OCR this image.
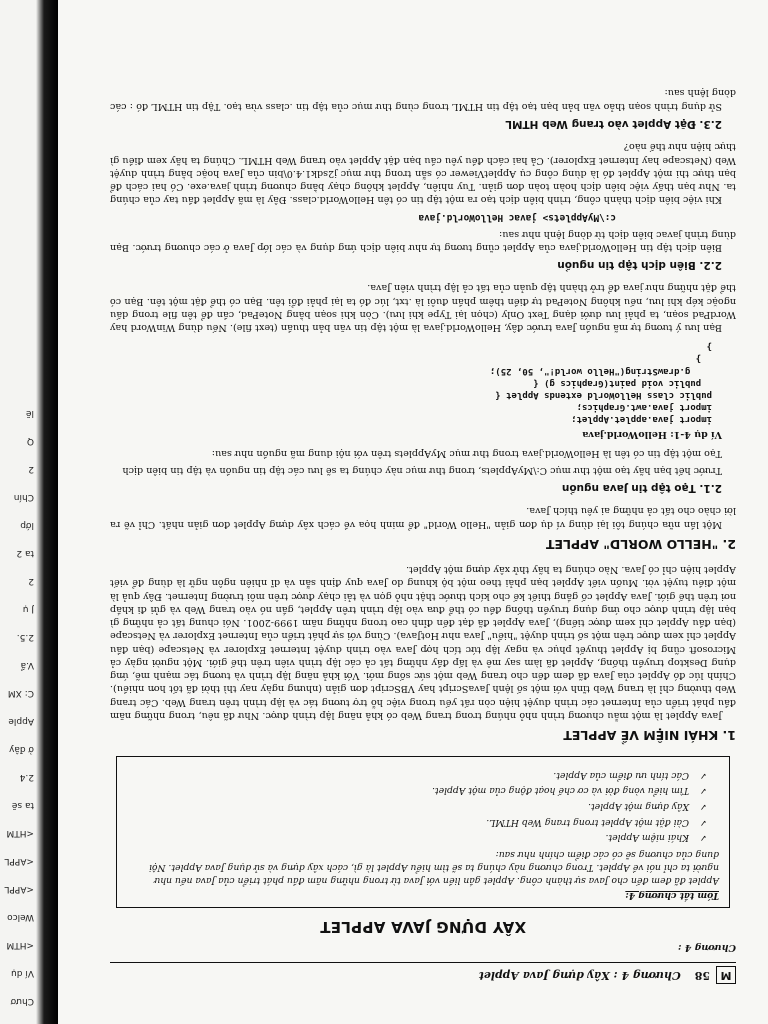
Chươ
Ví dụ
<HTM
Welco
<APPL
<APPL
<HTM
ta sẽ
2.4
ở đây
Apple
C: XM
V.ẩ
2.5.
J ụ
2
ta 2
lớp
Chín
2
Q
lẽ
M
58
Chương 4 : Xây dựng Java Applet
Chương 4 :
XÂY DỰNG JAVA APPLET
Tóm tắt chương 4:
Applet đã đem đến cho Java sự thành công. Applet gắn liền với Java từ trong những năm đầu phát triển của Java nếu như người ta chỉ nói về Applet. Trong chương này chúng ta sẽ tìm hiểu Applet là gì, cách xây dựng và sử dụng Java Applet. Nội dung của chương sẽ có các điểm chính như sau:
✓ Khái niệm Applet.
✓ Cài đặt một Applet trong trang Web HTML.
✓ Xây dựng một Applet.
✓ Tìm hiểu vòng đời và cơ chế hoạt động của một Applet.
✓ Các tính ưu điểm của Applet.
1. KHÁI NIỆM VỀ APPLET

Java Applet là một mẫu chương trình nhỏ nhúng trong trang Web có khả năng lập trình được. Như đã nêu, trong những năm đầu phát triển của Internet các trình duyệt hiện còn rất yếu trong việc hỗ trợ tương tác và lập trình trên trang Web. Các trang Web thường chỉ là trang Web tĩnh với một số lệnh JavaScript hay VBScript đơn giản (nhưng ngày nay thì thời đã tốt hơn nhiều). Chính lúc đó Applet của Java đã đem đến cho trang Web một sức sống mới. Với khả năng lập trình và tương tác mạnh mẽ, ứng dụng Desktop truyền thống, Applet đã làm say mê và lấp đầy những tất cả các lập trình viên trên thế giới. Một người ngày cả Microsoft cũng bị Applet thuyết phục và ngay lập tức tích hợp Java vào trình duyệt Internet Explorer và Netscape (bạn đầu Applet chỉ xem được trên một số trình duyệt "hiểu" Java như HotJava). Cùng với sự phát triển của Internet Explorer và Netscape (bạn đầu Applet chỉ xem được tiếng), Java Applet đã đạt đến đỉnh cao trong những năm 1999-2001. Nói chung tất cả những gì bạn lập trình được cho ứng dụng truyền thống đều có thể đưa vào lập trình trên Applet, gắn nó vào trang Web và gửi đi khắp nơi trên thế giới. Java Applet cố gắng thiết kế cho kích thước thật nhỏ gọn và tải chạy được trên môi trường Internet. Đây quả là một điều tuyệt vời. Muốn viết Applet bạn phải theo một bộ khung do Java quy định sẵn và dĩ nhiên ngôn ngữ là dùng để viết Applet hiện chỉ có Java. Nào chúng ta hãy thử xây dựng một Applet.

2. "HELLO WORLD" APPLET

Một lần nữa chúng tôi lại dùng ví dụ đơn giản "Hello World" để minh họa về cách xây dựng Applet đơn giản nhất. Chỉ vẽ ra lời chào cho tất cả những ai yêu thích Java.

2.1. Tạo tập tin Java nguồn

Trước hết bạn hãy tạo một thư mục C:\MyApplets, trong thư mục này chúng ta sẽ lưu các tập tin nguồn và tập tin biên dịch

Tạo một tập tin có tên là HelloWorld.java trong thư mục MyApplets trên với nội dung mã nguồn như sau:

Ví dụ 4-1: HelloWorld.java
import java.applet.Applet;
import java.awt.Graphics;
public class HelloWorld extends Applet {
public void paint(Graphics g) {
g.drawString("Hello world!", 50, 25);
}
}

Bạn lưu ý tương tự mã nguồn Java trước đây, HelloWorld.java là một tập tin văn bản thuần (text file). Nếu dùng WinWord hay WordPad soạn, ta phải lưu dưới dạng Text Only (chọn lại Type khi lưu). Còn khi soạn bằng NotePad, cần để tên file trong dấu ngoặc kép khi lưu, nếu không NotePad tự điền thêm phần đuôi là .txt, lúc đó ta lại phải đổi tên. Bạn có thể đặt một tên. Bạn có thể đặt những như java để trở thành tập quản của tất cả lập trình viên Java.

2.2. Biên dịch tập tin nguồn

Biên dịch tập tin HelloWorld.java của Applet cũng tương tự như biên dịch ứng dụng và các lớp Java ở các chương trước. Bạn dùng trình javac biên dịch từ dòng lệnh như sau:

c:\MyApplets> javac HelloWorld.java

Khi việc biên dịch thành công, trình biên dịch tạo ra một tập tin có tên HelloWorld.class. Đây là mã Applet đầu tay của chúng ta. Như bạn thấy việc biên dịch hoàn toàn đơn giản. Tuy nhiên, Applet không chạy bằng chương trình java.exe. Có hai cách để bạn thực thi một Applet đó là dùng công cụ AppletViewer có sẵn trong thư mục j2sdk1.4.0\bin của Java hoặc bằng trình duyệt Web (Netscape hay Internet Explorer). Cả hai cách đều yêu cầu bạn đặt Applet vào trang Web HTML. Chúng ta hãy xem điều gì thực hiện như thế nào?

2.3. Đặt Applet vào trang Web HTML

Sử dụng trình soạn thảo văn bản bạn tạo tập tin HTML trong cùng thư mục của tập tin .class vừa tạo. Tập tin HTML đó : các dòng lệnh sau:
